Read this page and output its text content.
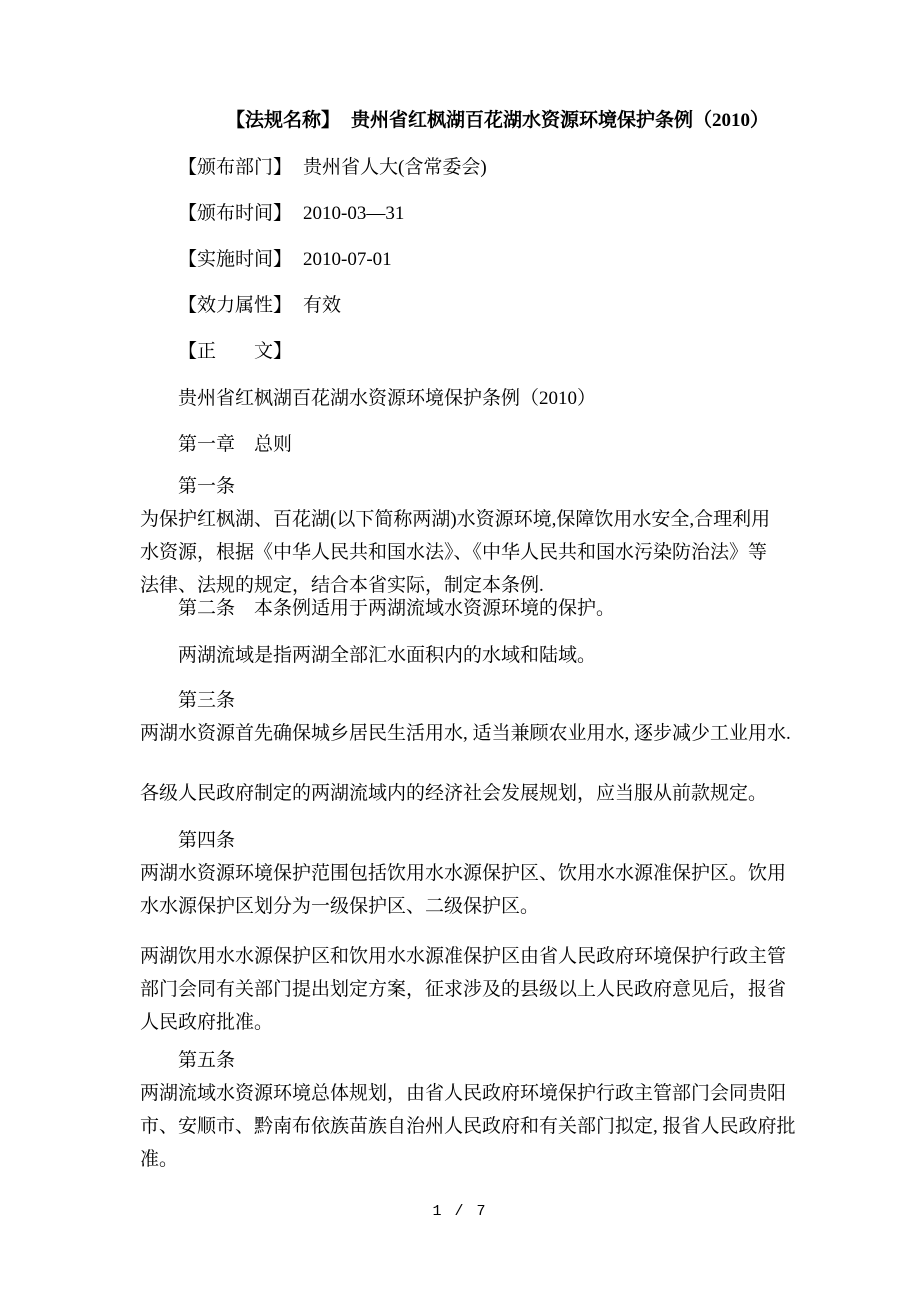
【法规名称】 贵州省红枫湖百花湖水资源环境保护条例（2010）
【颁布部门】 贵州省人大(含常委会)
【颁布时间】 2010-03—31
【实施时间】 2010-07-01
【效力属性】 有效
【正　　文】
　　贵州省红枫湖百花湖水资源环境保护条例（2010）
　　第一章　总则
　　第一条
为保护红枫湖、百花湖(以下简称两湖)水资源环境,保障饮用水安全,合理利用
水资源，根据《中华人民共和国水法》、《中华人民共和国水污染防治法》等
法律、法规的规定，结合本省实际，制定本条例.
　　第二条　本条例适用于两湖流域水资源环境的保护。
　　两湖流域是指两湖全部汇水面积内的水域和陆域。
　　第三条
两湖水资源首先确保城乡居民生活用水, 适当兼顾农业用水, 逐步减少工业用水.
各级人民政府制定的两湖流域内的经济社会发展规划，应当服从前款规定。
　　第四条
两湖水资源环境保护范围包括饮用水水源保护区、饮用水水源准保护区。饮用
水水源保护区划分为一级保护区、二级保护区。
两湖饮用水水源保护区和饮用水水源准保护区由省人民政府环境保护行政主管
部门会同有关部门提出划定方案，征求涉及的县级以上人民政府意见后，报省
人民政府批准。
　　第五条
两湖流域水资源环境总体规划，由省人民政府环境保护行政主管部门会同贵阳
市、安顺市、黔南布依族苗族自治州人民政府和有关部门拟定, 报省人民政府批
准。
1 / 7
